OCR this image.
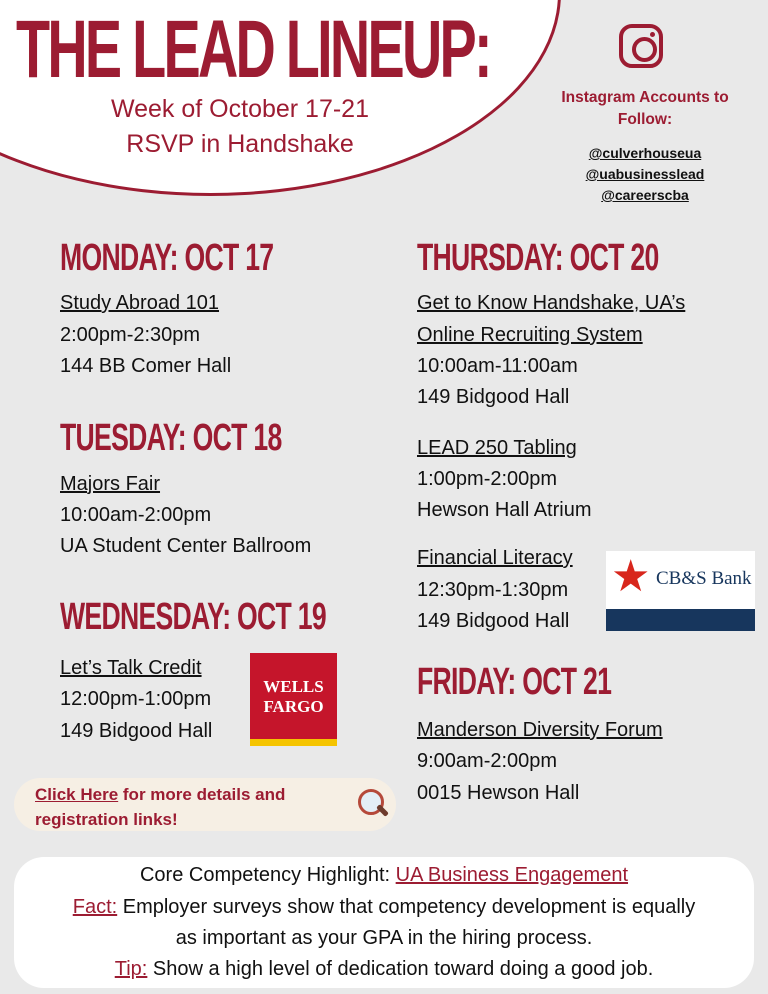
THE LEAD LINEUP:
Week of October 17-21
RSVP in Handshake
Instagram Accounts to
Follow:
@culverhouseua
@uabusinesslead
@careerscba
MONDAY: OCT 17
Study Abroad 101
2:00pm-2:30pm
144 BB Comer Hall
TUESDAY: OCT 18
Majors Fair
10:00am-2:00pm
UA Student Center Ballroom
WEDNESDAY: OCT 19
Let’s Talk Credit
12:00pm-1:00pm
149 Bidgood Hall
WELLS
FARGO
THURSDAY: OCT 20
Get to Know Handshake, UA’s
Online Recruiting System
10:00am-11:00am
149 Bidgood Hall
LEAD 250 Tabling
1:00pm-2:00pm
Hewson Hall Atrium
Financial Literacy
12:30pm-1:30pm
149 Bidgood Hall
★ CB&S Bank
FRIDAY: OCT 21
Manderson Diversity Forum
9:00am-2:00pm
0015 Hewson Hall
Click Here for more details and
registration links!
Core Competency Highlight: UA Business Engagement
Fact: Employer surveys show that competency development is equally
as important as your GPA in the hiring process.
Tip: Show a high level of dedication toward doing a good job.
